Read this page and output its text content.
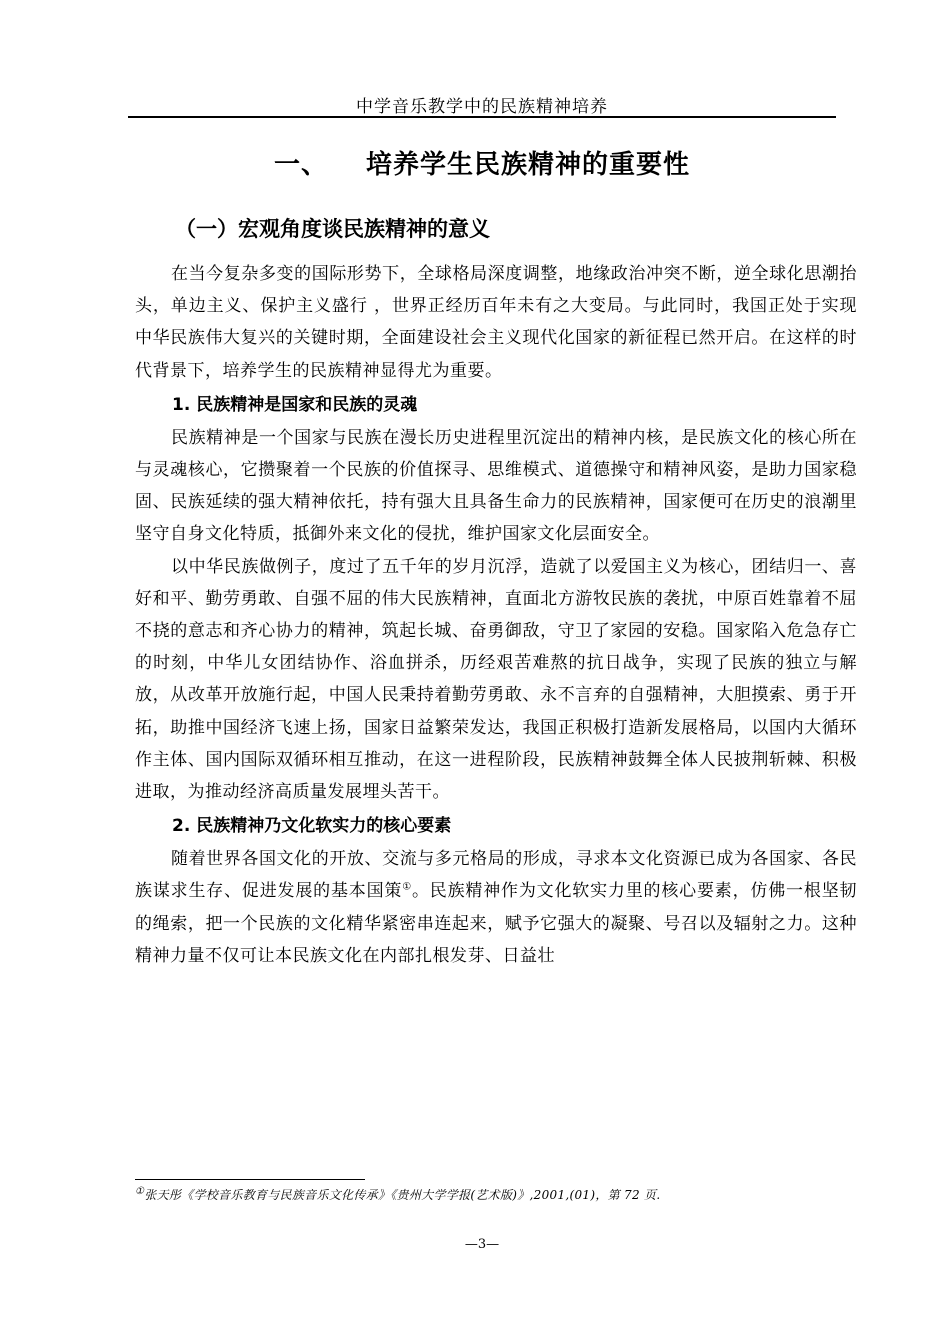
中学音乐教学中的民族精神培养
一、 培养学生民族精神的重要性
（一）宏观角度谈民族精神的意义

在当今复杂多变的国际形势下，全球格局深度调整，地缘政治冲突不断，逆全球化思潮抬头，单边主义、保护主义盛行 ，世界正经历百年未有之大变局。与此同时，我国正处于实现中华民族伟大复兴的关键时期，全面建设社会主义现代化国家的新征程已然开启。在这样的时代背景下，培养学生的民族精神显得尤为重要。

1. 民族精神是国家和民族的灵魂

民族精神是一个国家与民族在漫长历史进程里沉淀出的精神内核，是民族文化的核心所在与灵魂核心，它攒聚着一个民族的价值探寻、思维模式、道德操守和精神风姿，是助力国家稳固、民族延续的强大精神依托，持有强大且具备生命力的民族精神，国家便可在历史的浪潮里坚守自身文化特质，抵御外来文化的侵扰，维护国家文化层面安全。

以中华民族做例子，度过了五千年的岁月沉浮，造就了以爱国主义为核心，团结归一、喜好和平、勤劳勇敢、自强不屈的伟大民族精神，直面北方游牧民族的袭扰，中原百姓靠着不屈不挠的意志和齐心协力的精神，筑起长城、奋勇御敌，守卫了家园的安稳。国家陷入危急存亡的时刻，中华儿女团结协作、浴血拼杀，历经艰苦难熬的抗日战争，实现了民族的独立与解放，从改革开放施行起，中国人民秉持着勤劳勇敢、永不言弃的自强精神，大胆摸索、勇于开拓，助推中国经济飞速上扬，国家日益繁荣发达，我国正积极打造新发展格局，以国内大循环作主体、国内国际双循环相互推动，在这一进程阶段，民族精神鼓舞全体人民披荆斩棘、积极进取，为推动经济高质量发展埋头苦干。

2. 民族精神乃文化软实力的核心要素

随着世界各国文化的开放、交流与多元格局的形成，寻求本文化资源已成为各国家、各民族谋求生存、促进发展的基本国策①。民族精神作为文化软实力里的核心要素，仿佛一根坚韧的绳索，把一个民族的文化精华紧密串连起来，赋予它强大的凝聚、号召以及辐射之力。这种精神力量不仅可让本民族文化在内部扎根发芽、日益壮

①张天彤《学校音乐教育与民族音乐文化传承》《贵州大学学报(艺术版)》,2001,(01)，第 72 页.
—3—
